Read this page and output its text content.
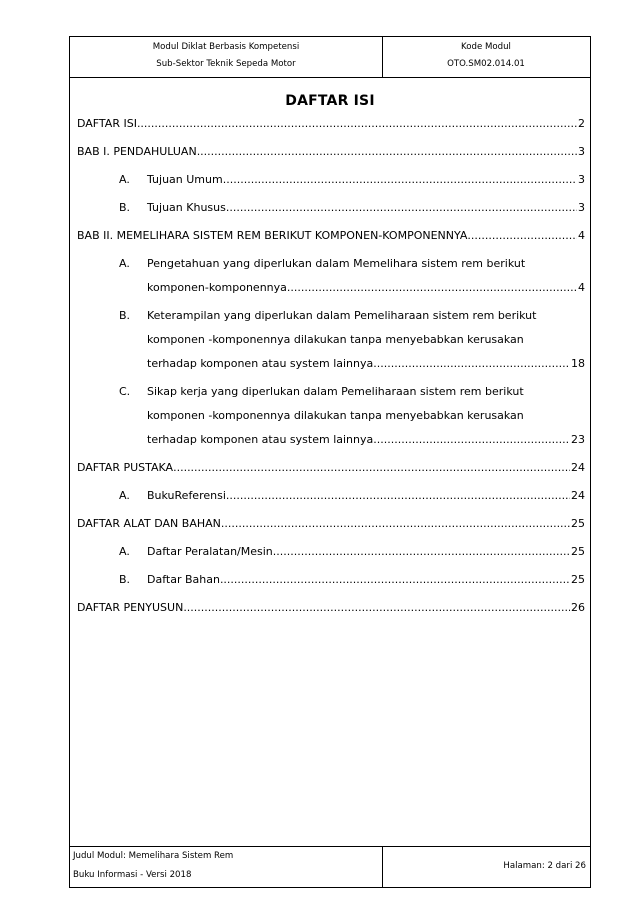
Modul Diklat Berbasis Kompetensi
Sub-Sektor Teknik Sepeda Motor
Kode Modul
OTO.SM02.014.01
DAFTAR ISI
DAFTAR ISI .....	2
BAB I. PENDAHULUAN .....	3
A. Tujuan Umum .....	3
B. Tujuan Khusus .....	3
BAB II. MEMELIHARA SISTEM REM BERIKUT KOMPONEN-KOMPONENNYA .....	4
A. Pengetahuan yang diperlukan dalam Memelihara sistem rem berikut
komponen-komponennya .....	4
B. Keterampilan yang diperlukan dalam Pemeliharaan sistem rem berikut
komponen -komponennya dilakukan tanpa menyebabkan kerusakan
terhadap komponen atau system lainnya. .....	18
C. Sikap kerja yang diperlukan dalam Pemeliharaan sistem rem berikut
komponen -komponennya dilakukan tanpa menyebabkan kerusakan
terhadap komponen atau system lainnya. .....	23
DAFTAR PUSTAKA .....	24
A. BukuReferensi .....	24
DAFTAR ALAT DAN BAHAN .....	25
A. Daftar Peralatan/Mesin .....	25
B. Daftar Bahan .....	25
DAFTAR PENYUSUN .....	26
Judul Modul: Memelihara Sistem Rem
Buku Informasi - Versi 2018
Halaman: 2 dari 26
